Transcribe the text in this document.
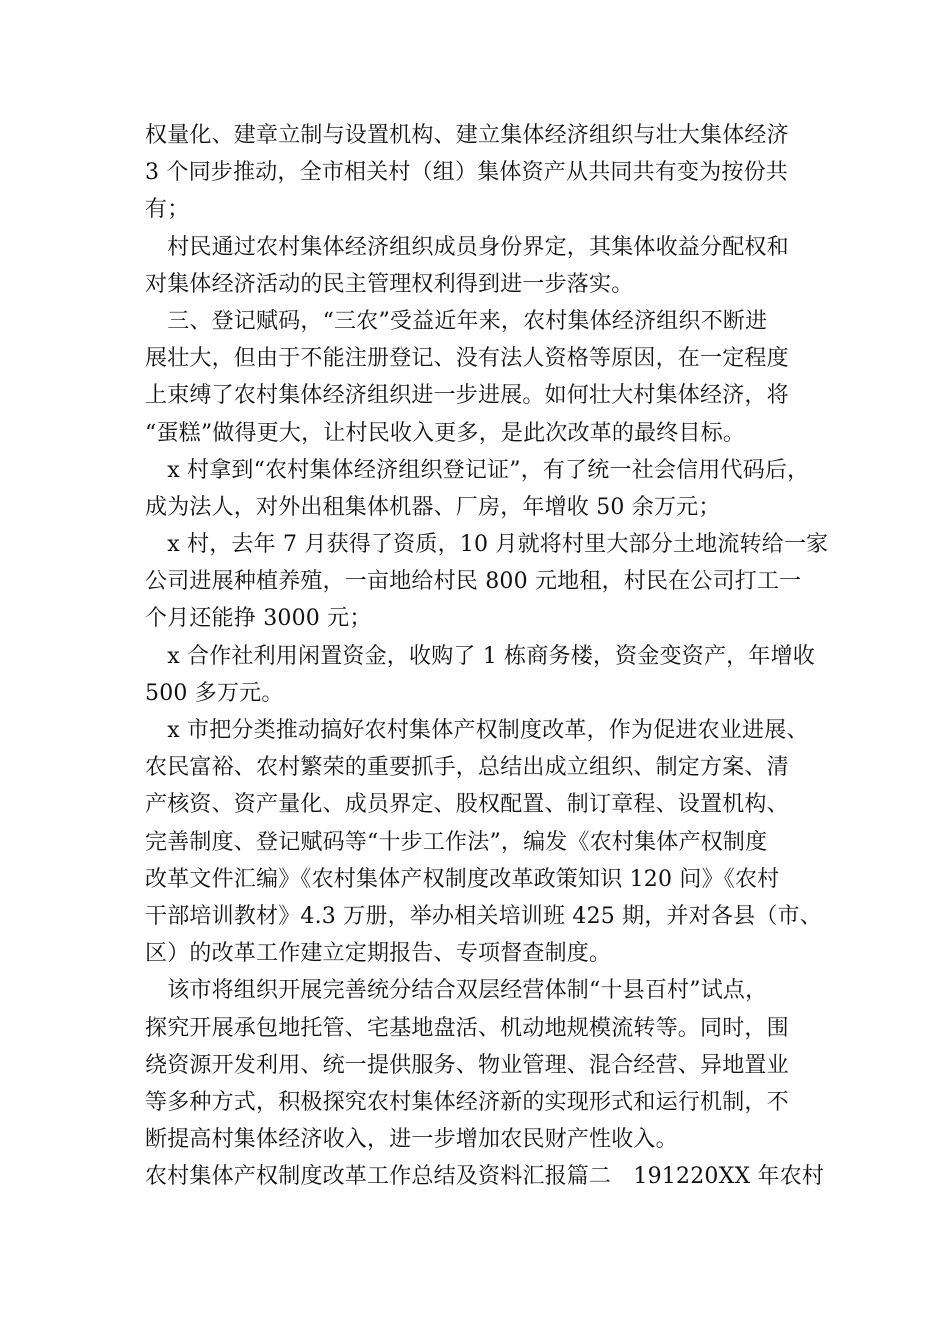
权量化、建章立制与设置机构、建立集体经济组织与壮大集体经济
3 个同步推动，全市相关村（组）集体资产从共同共有变为按份共
有；
　村民通过农村集体经济组织成员身份界定，其集体收益分配权和
对集体经济活动的民主管理权利得到进一步落实。
　三、登记赋码，“三农”受益近年来，农村集体经济组织不断进
展壮大，但由于不能注册登记、没有法人资格等原因，在一定程度
上束缚了农村集体经济组织进一步进展。如何壮大村集体经济，将
“蛋糕”做得更大，让村民收入更多，是此次改革的最终目标。
　x 村拿到“农村集体经济组织登记证”，有了统一社会信用代码后，
成为法人，对外出租集体机器、厂房，年增收 50 余万元；
　x 村，去年 7 月获得了资质，10 月就将村里大部分土地流转给一家
公司进展种植养殖，一亩地给村民 800 元地租，村民在公司打工一
个月还能挣 3000 元；
　x 合作社利用闲置资金，收购了 1 栋商务楼，资金变资产，年增收
500 多万元。
　x 市把分类推动搞好农村集体产权制度改革，作为促进农业进展、
农民富裕、农村繁荣的重要抓手，总结出成立组织、制定方案、清
产核资、资产量化、成员界定、股权配置、制订章程、设置机构、
完善制度、登记赋码等“十步工作法”，编发《农村集体产权制度
改革文件汇编》《农村集体产权制度改革政策知识 120 问》《农村
干部培训教材》4.3 万册，举办相关培训班 425 期，并对各县（市、
区）的改革工作建立定期报告、专项督查制度。
　该市将组织开展完善统分结合双层经营体制“十县百村”试点，
探究开展承包地托管、宅基地盘活、机动地规模流转等。同时，围
绕资源开发利用、统一提供服务、物业管理、混合经营、异地置业
等多种方式，积极探究农村集体经济新的实现形式和运行机制，不
断提高村集体经济收入，进一步增加农民财产性收入。
农村集体产权制度改革工作总结及资料汇报篇二　191220XX 年农村
